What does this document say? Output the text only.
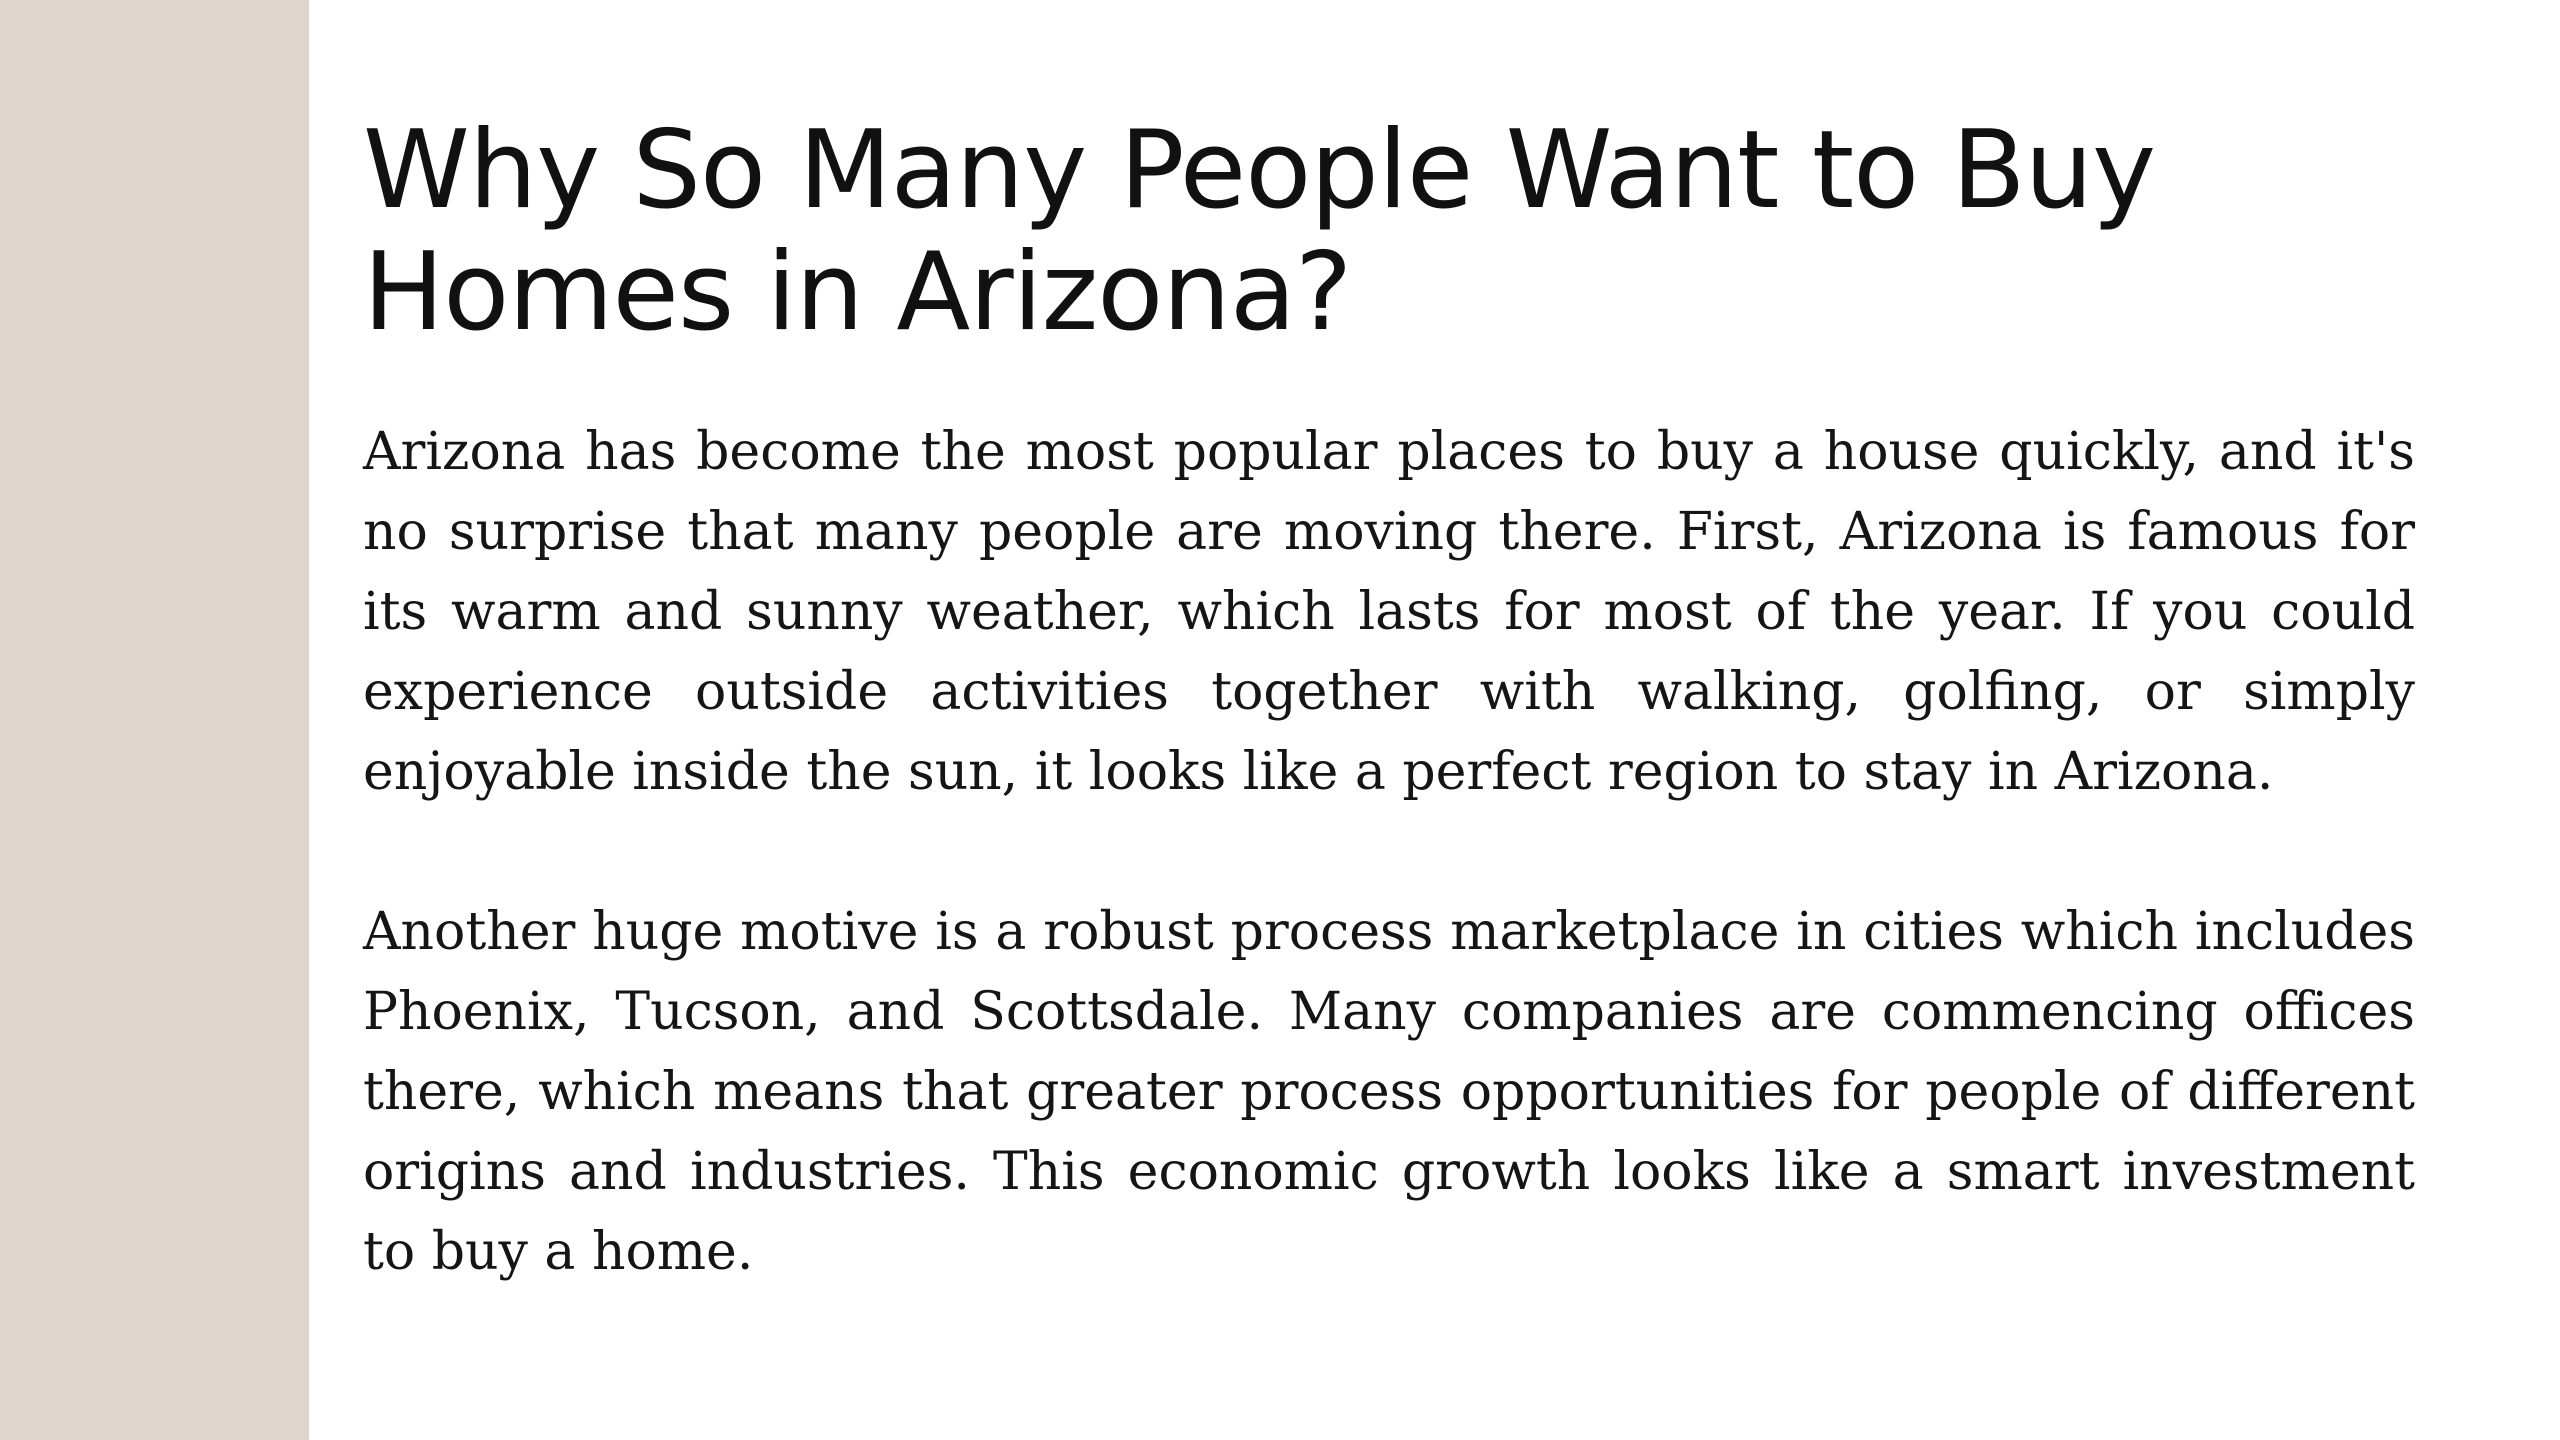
Why So Many People Want to Buy Homes in Arizona?

Arizona has become the most popular places to buy a house quickly, and it's no surprise that many people are moving there. First, Arizona is famous for its warm and sunny weather, which lasts for most of the year. If you could experience outside activities together with walking, golfing, or simply enjoyable inside the sun, it looks like a perfect region to stay in Arizona.

Another huge motive is a robust process marketplace in cities which includes Phoenix, Tucson, and Scottsdale. Many companies are commencing offices there, which means that greater process opportunities for people of different origins and industries. This economic growth looks like a smart investment to buy a home.
